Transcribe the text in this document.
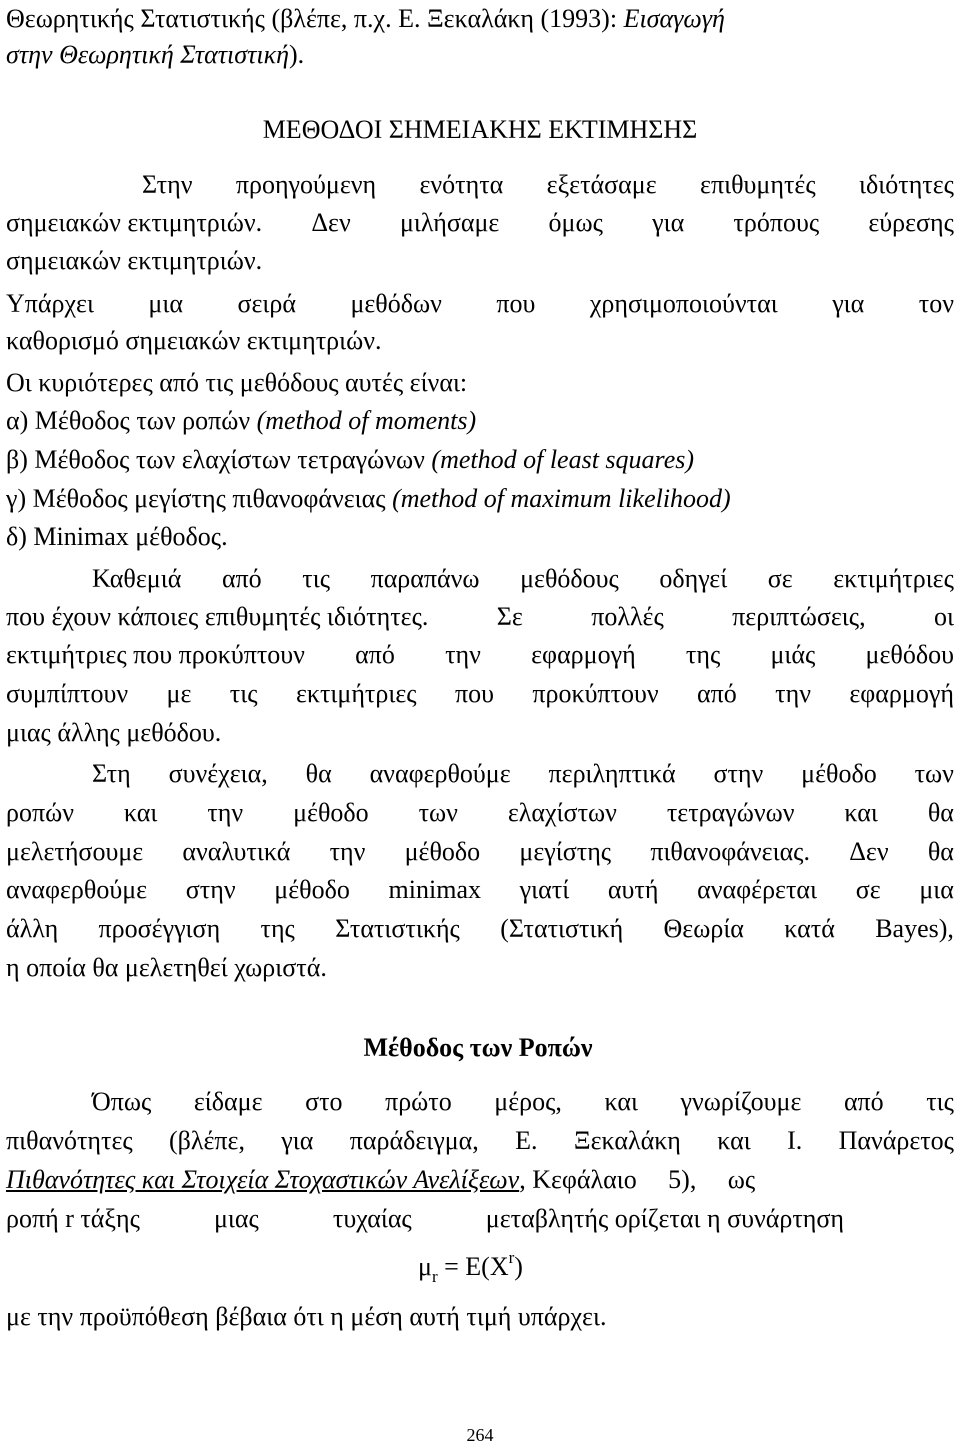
Θεωρητικής Στατιστικής (βλέπε, π.χ. Ε. Ξεκαλάκη (1993): Εισαγωγή
στην Θεωρητική Στατιστική).
ΜΕΘΟΔΟΙ ΣΗΜΕΙΑΚΗΣ ΕΚΤΙΜΗΣΗΣ
Στην προηγούμενη ενότητα εξετάσαμε επιθυμητές ιδιότητες
σημειακών εκτιμητριών. Δεν μιλήσαμε όμως για τρόπους εύρεσης
σημειακών εκτιμητριών.
Υπάρχει μια σειρά μεθόδων που χρησιμοποιούνται για τον
καθορισμό σημειακών εκτιμητριών.
Οι κυριότερες από τις μεθόδους αυτές είναι:
α) Μέθοδος των ροπών (method of moments)
β) Μέθοδος των ελαχίστων τετραγώνων (method of least squares)
γ) Μέθοδος μεγίστης πιθανοφάνειας (method of maximum likelihood)
δ) Minimax μέθοδος.
Καθεμιά από τις παραπάνω μεθόδους οδηγεί σε εκτιμήτριες
που έχουν κάποιες επιθυμητές ιδιότητες.	Σε	πολλές	περιπτώσεις,	οι
εκτιμήτριες που προκύπτουν από την εφαρμογή της μιάς μεθόδου
συμπίπτουν με τις εκτιμήτριες που προκύπτουν από την εφαρμογή
μιας άλλης μεθόδου.
Στη συνέχεια, θα αναφερθούμε περιληπτικά στην μέθοδο των
ροπών και την μέθοδο των ελαχίστων τετραγώνων και θα
μελετήσουμε αναλυτικά την μέθοδο μεγίστης πιθανοφάνειας. Δεν θα
αναφερθούμε στην μέθοδο minimax γιατί αυτή αναφέρεται σε μια
άλλη προσέγγιση της Στατιστικής (Στατιστική Θεωρία κατά Bayes),
η οποία θα μελετηθεί χωριστά.
Μέθοδος των Ροπών
Όπως είδαμε στο πρώτο μέρος, και γνωρίζουμε από τις
πιθανότητες (βλέπε, για παράδειγμα, Ε. Ξεκαλάκη και Ι. Πανάρετος
Πιθανότητες και Στοιχεία Στοχαστικών Ανελίξεων , Κεφάλαιο 5), ως
ροπή r τάξης	μιας	τυχαίας	μεταβλητής ορίζεται η συνάρτηση
$\mu_r = E(X^r)$
με την προϋπόθεση βέβαια ότι η μέση αυτή τιμή υπάρχει.
264
